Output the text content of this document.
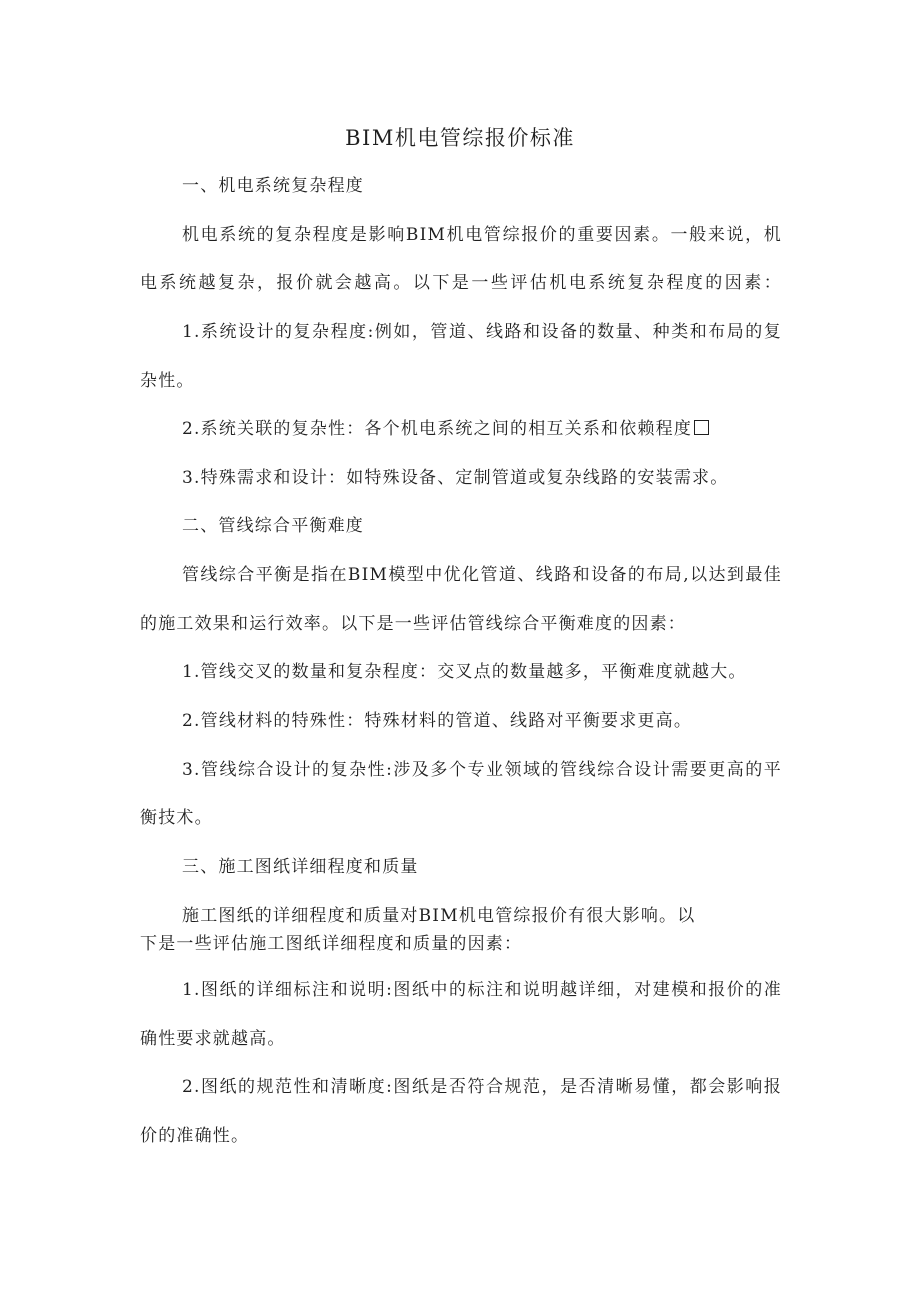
BIM机电管综报价标准
一、机电系统复杂程度
机电系统的复杂程度是影响BIM机电管综报价的重要因素。一般来说，机
电系统越复杂，报价就会越高。以下是一些评估机电系统复杂程度的因素：
1.系统设计的复杂程度:例如，管道、线路和设备的数量、种类和布局的复
杂性。
2.系统关联的复杂性：各个机电系统之间的相互关系和依赖程度
3.特殊需求和设计：如特殊设备、定制管道或复杂线路的安装需求。
二、管线综合平衡难度
管线综合平衡是指在BIM模型中优化管道、线路和设备的布局,以达到最佳
的施工效果和运行效率。以下是一些评估管线综合平衡难度的因素：
1.管线交叉的数量和复杂程度：交叉点的数量越多，平衡难度就越大。
2.管线材料的特殊性：特殊材料的管道、线路对平衡要求更高。
3.管线综合设计的复杂性:涉及多个专业领域的管线综合设计需要更高的平
衡技术。
三、施工图纸详细程度和质量
施工图纸的详细程度和质量对BIM机电管综报价有很大影响。以
下是一些评估施工图纸详细程度和质量的因素：
1.图纸的详细标注和说明:图纸中的标注和说明越详细，对建模和报价的准
确性要求就越高。
2.图纸的规范性和清晰度:图纸是否符合规范，是否清晰易懂，都会影响报
价的准确性。
